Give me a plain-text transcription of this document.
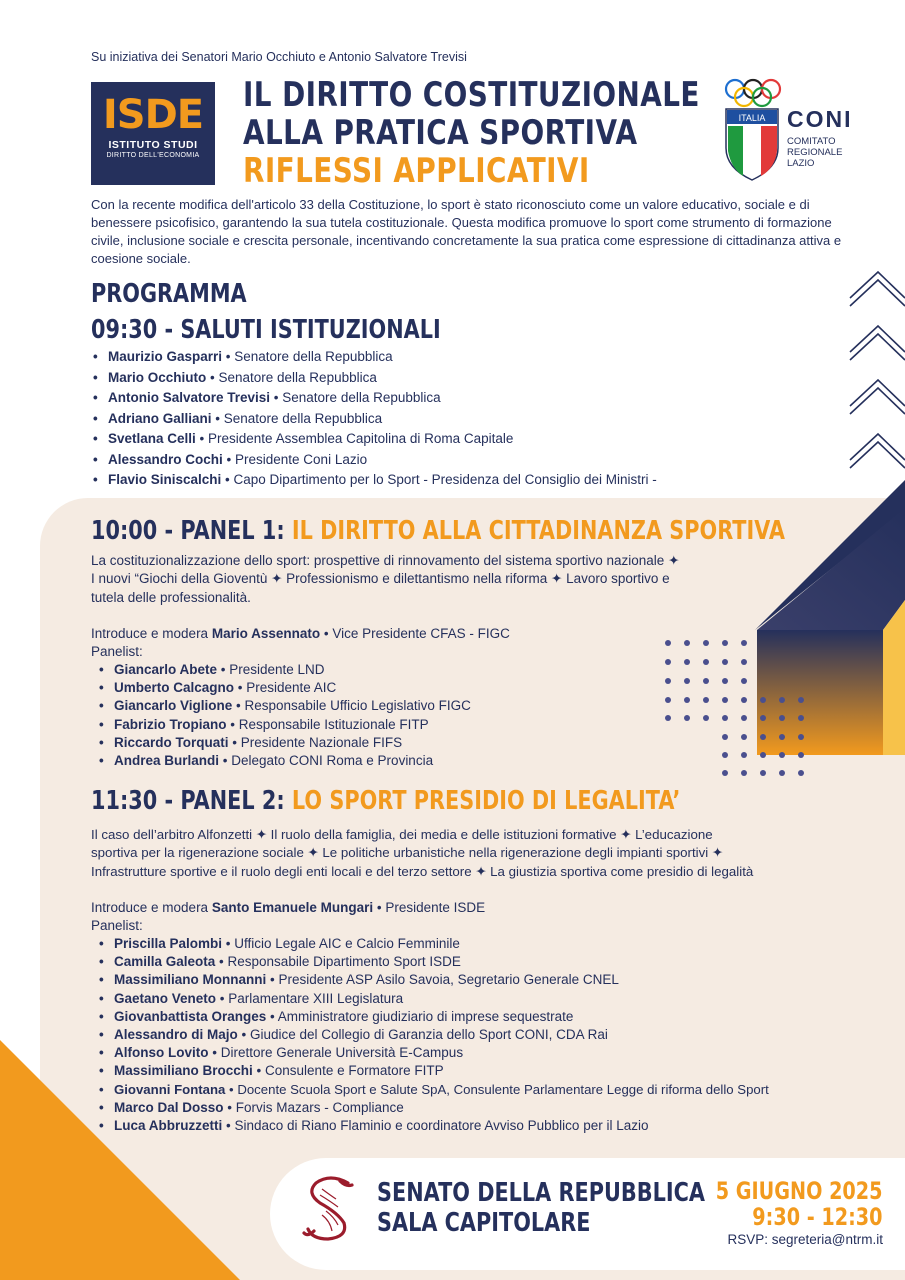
Su iniziativa dei Senatori Mario Occhiuto e Antonio Salvatore Trevisi
ISDE
ISTITUTO STUDI
DIRITTO DELL'ECONOMIA
IL DIRITTO COSTITUZIONALE
ALLA PRATICA SPORTIVA
RIFLESSI APPLICATIVI
ITALIA CONI
COMITATO
REGIONALE
LAZIO
Con la recente modifica dell'articolo 33 della Costituzione, lo sport è stato riconosciuto come un valore educativo, sociale e di benessere psicofisico, garantendo la sua tutela costituzionale. Questa modifica promuove lo sport come strumento di formazione civile, inclusione sociale e crescita personale, incentivando concretamente la sua pratica come espressione di cittadinanza attiva e coesione sociale.
PROGRAMMA
09:30 - SALUTI ISTITUZIONALI
• Maurizio Gasparri • Senatore della Repubblica
• Mario Occhiuto • Senatore della Repubblica
• Antonio Salvatore Trevisi • Senatore della Repubblica
• Adriano Galliani • Senatore della Repubblica
• Svetlana Celli • Presidente Assemblea Capitolina di Roma Capitale
• Alessandro Cochi • Presidente Coni Lazio
• Flavio Siniscalchi • Capo Dipartimento per lo Sport - Presidenza del Consiglio dei Ministri -
10:00 - PANEL 1: IL DIRITTO ALLA CITTADINANZA SPORTIVA
La costituzionalizzazione dello sport: prospettive di rinnovamento del sistema sportivo nazionale ✦
I nuovi “Giochi della Gioventù ✦ Professionismo e dilettantismo nella riforma ✦ Lavoro sportivo e
tutela delle professionalità.
Introduce e modera Mario Assennato • Vice Presidente CFAS - FIGC
Panelist:
• Giancarlo Abete • Presidente LND
• Umberto Calcagno • Presidente AIC
• Giancarlo Viglione • Responsabile Ufficio Legislativo FIGC
• Fabrizio Tropiano • Responsabile Istituzionale FITP
• Riccardo Torquati • Presidente Nazionale FIFS
• Andrea Burlandi • Delegato CONI Roma e Provincia
11:30 - PANEL 2: LO SPORT PRESIDIO DI LEGALITA’
Il caso dell’arbitro Alfonzetti ✦ Il ruolo della famiglia, dei media e delle istituzioni formative ✦ L’educazione
sportiva per la rigenerazione sociale ✦ Le politiche urbanistiche nella rigenerazione degli impianti sportivi ✦
Infrastrutture sportive e il ruolo degli enti locali e del terzo settore ✦ La giustizia sportiva come presidio di legalità
Introduce e modera Santo Emanuele Mungari • Presidente ISDE
Panelist:
• Priscilla Palombi • Ufficio Legale AIC e Calcio Femminile
• Camilla Galeota • Responsabile Dipartimento Sport ISDE
• Massimiliano Monnanni • Presidente ASP Asilo Savoia, Segretario Generale CNEL
• Gaetano Veneto • Parlamentare XIII Legislatura
• Giovanbattista Oranges • Amministratore giudiziario di imprese sequestrate
• Alessandro di Majo • Giudice del Collegio di Garanzia dello Sport CONI, CDA Rai
• Alfonso Lovito • Direttore Generale Università E-Campus
• Massimiliano Brocchi • Consulente e Formatore FITP
• Giovanni Fontana • Docente Scuola Sport e Salute SpA, Consulente Parlamentare Legge di riforma dello Sport
• Marco Dal Dosso • Forvis Mazars - Compliance
• Luca Abbruzzetti • Sindaco di Riano Flaminio e coordinatore Avviso Pubblico per il Lazio
SENATO DELLA REPUBBLICA
SALA CAPITOLARE
5 GIUGNO 2025
9:30 - 12:30
RSVP: segreteria@ntrm.it
